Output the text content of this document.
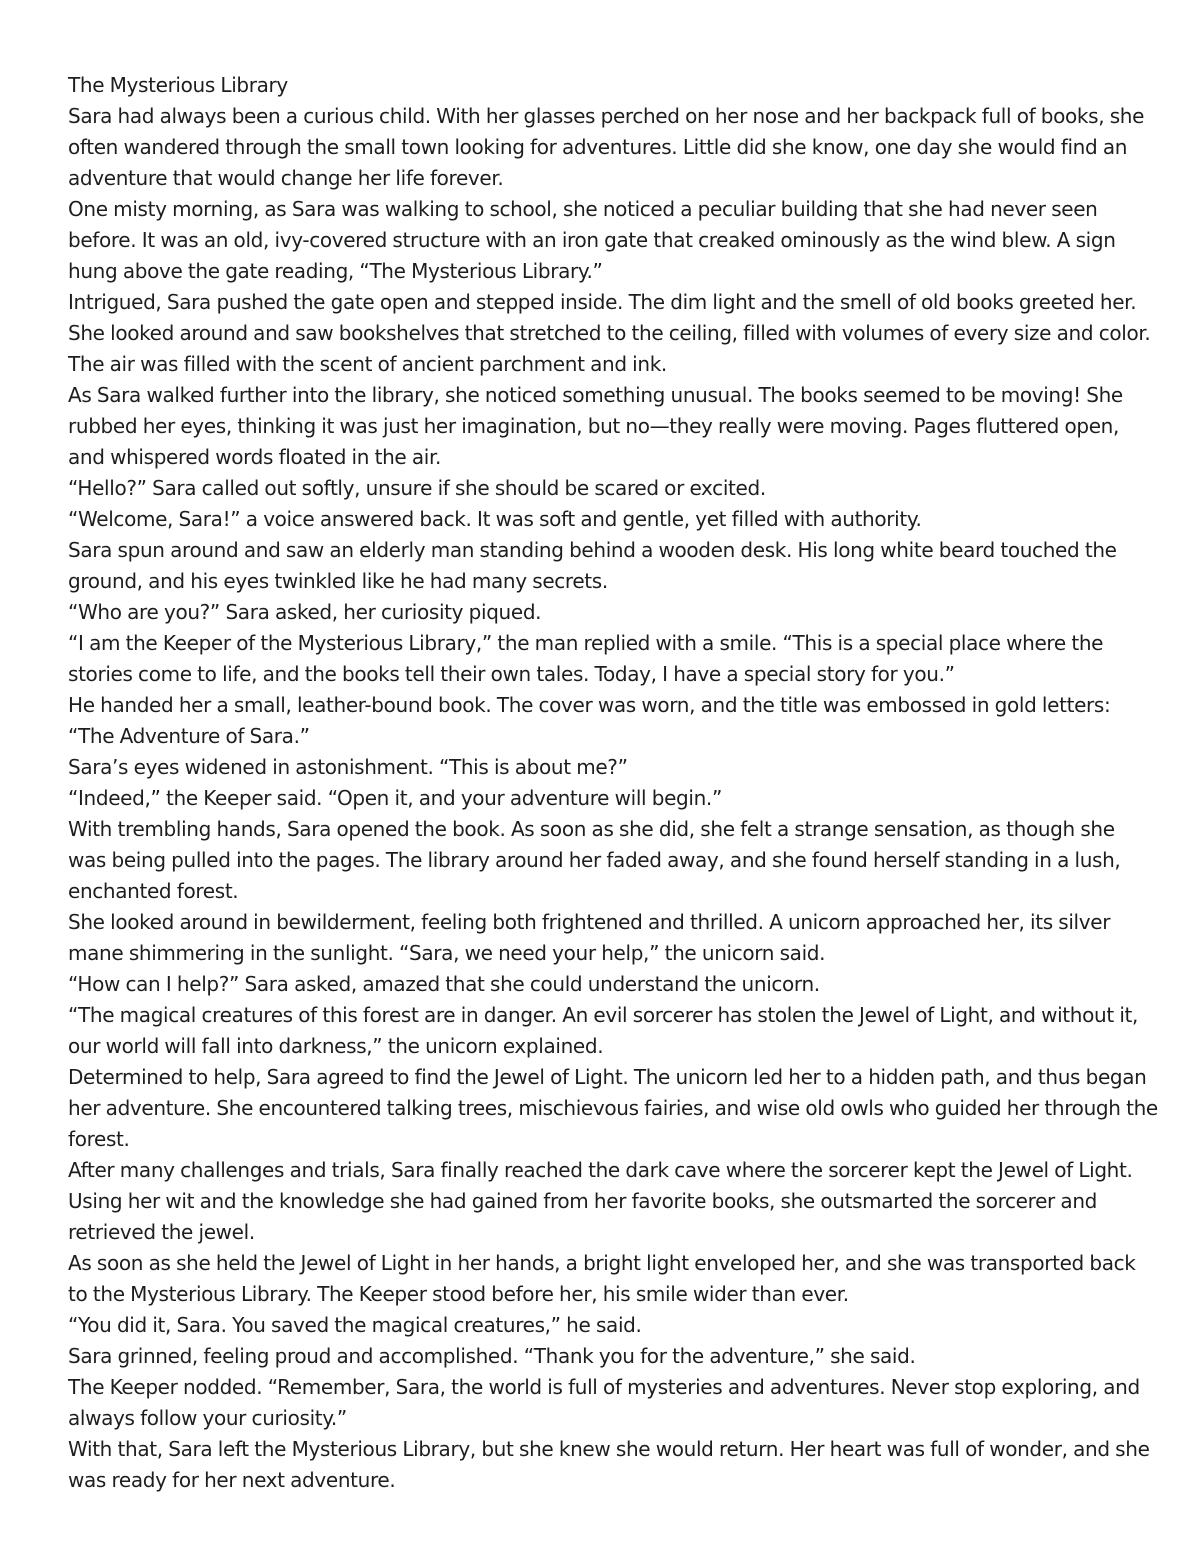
The Mysterious Library

Sara had always been a curious child. With her glasses perched on her nose and her backpack full of books, she often wandered through the small town looking for adventures. Little did she know, one day she would find an adventure that would change her life forever.

One misty morning, as Sara was walking to school, she noticed a peculiar building that she had never seen before. It was an old, ivy-covered structure with an iron gate that creaked ominously as the wind blew. A sign hung above the gate reading, “The Mysterious Library.”

Intrigued, Sara pushed the gate open and stepped inside. The dim light and the smell of old books greeted her. She looked around and saw bookshelves that stretched to the ceiling, filled with volumes of every size and color. The air was filled with the scent of ancient parchment and ink.

As Sara walked further into the library, she noticed something unusual. The books seemed to be moving! She rubbed her eyes, thinking it was just her imagination, but no—they really were moving. Pages fluttered open, and whispered words floated in the air.

“Hello?” Sara called out softly, unsure if she should be scared or excited.

“Welcome, Sara!” a voice answered back. It was soft and gentle, yet filled with authority.

Sara spun around and saw an elderly man standing behind a wooden desk. His long white beard touched the ground, and his eyes twinkled like he had many secrets.

“Who are you?” Sara asked, her curiosity piqued.

“I am the Keeper of the Mysterious Library,” the man replied with a smile. “This is a special place where the stories come to life, and the books tell their own tales. Today, I have a special story for you.”

He handed her a small, leather-bound book. The cover was worn, and the title was embossed in gold letters: “The Adventure of Sara.”

Sara’s eyes widened in astonishment. “This is about me?”

“Indeed,” the Keeper said. “Open it, and your adventure will begin.”

With trembling hands, Sara opened the book. As soon as she did, she felt a strange sensation, as though she was being pulled into the pages. The library around her faded away, and she found herself standing in a lush, enchanted forest.

She looked around in bewilderment, feeling both frightened and thrilled. A unicorn approached her, its silver mane shimmering in the sunlight. “Sara, we need your help,” the unicorn said.

“How can I help?” Sara asked, amazed that she could understand the unicorn.

“The magical creatures of this forest are in danger. An evil sorcerer has stolen the Jewel of Light, and without it, our world will fall into darkness,” the unicorn explained.

Determined to help, Sara agreed to find the Jewel of Light. The unicorn led her to a hidden path, and thus began her adventure. She encountered talking trees, mischievous fairies, and wise old owls who guided her through the forest.

After many challenges and trials, Sara finally reached the dark cave where the sorcerer kept the Jewel of Light. Using her wit and the knowledge she had gained from her favorite books, she outsmarted the sorcerer and retrieved the jewel.

As soon as she held the Jewel of Light in her hands, a bright light enveloped her, and she was transported back to the Mysterious Library. The Keeper stood before her, his smile wider than ever.

“You did it, Sara. You saved the magical creatures,” he said.

Sara grinned, feeling proud and accomplished. “Thank you for the adventure,” she said.

The Keeper nodded. “Remember, Sara, the world is full of mysteries and adventures. Never stop exploring, and always follow your curiosity.”

With that, Sara left the Mysterious Library, but she knew she would return. Her heart was full of wonder, and she was ready for her next adventure.
